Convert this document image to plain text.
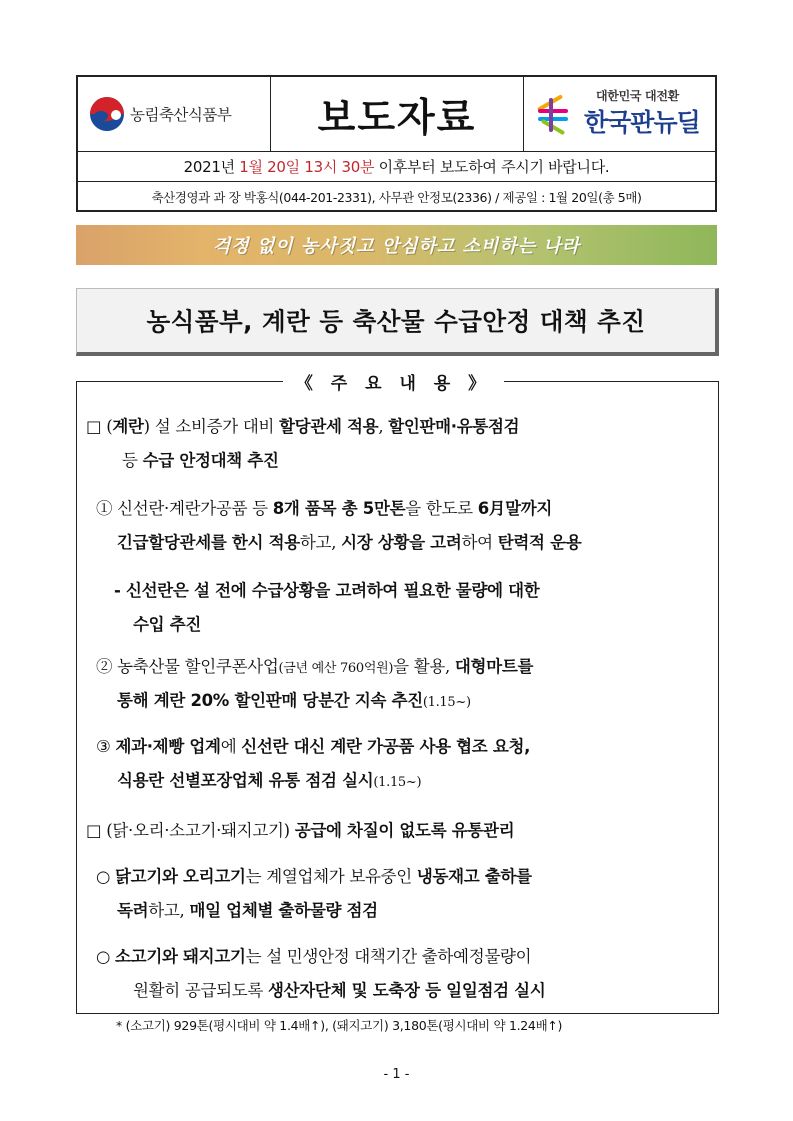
농림축산식품부	보도자료	대한민국 대전환
한국판뉴딜
2021년 1월 20일 13시 30분 이후부터 보도하여 주시기 바랍니다.
축산경영과 과 장 박홍식(044-201-2331), 사무관 안정모(2336) / 제공일 : 1월 20일(총 5매)
걱정 없이 농사짓고 안심하고 소비하는 나라
농식품부, 계란 등 축산물 수급안정 대책 추진
《 주 요 내 용 》
□ (계란) 설 소비증가 대비 할당관세 적용, 할인판매·유통점검
등 수급 안정대책 추진
① 신선란·계란가공품 등 8개 품목 총 5만톤을 한도로 6月말까지
긴급할당관세를 한시 적용하고, 시장 상황을 고려하여 탄력적 운용
- 신선란은 설 전에 수급상황을 고려하여 필요한 물량에 대한
수입 추진
② 농축산물 할인쿠폰사업(금년 예산 760억원)을 활용, 대형마트를
통해 계란 20% 할인판매 당분간 지속 추진(1.15~)
③ 제과·제빵 업계에 신선란 대신 계란 가공품 사용 협조 요청,
식용란 선별포장업체 유통 점검 실시(1.15~)
□ (닭·오리·소고기·돼지고기) 공급에 차질이 없도록 유통관리
○ 닭고기와 오리고기는 계열업체가 보유중인 냉동재고 출하를
독려하고, 매일 업체별 출하물량 점검
○ 소고기와 돼지고기는 설 민생안정 대책기간 출하예정물량이
원활히 공급되도록 생산자단체 및 도축장 등 일일점검 실시
* (소고기) 929톤(평시대비 약 1.4배↑), (돼지고기) 3,180톤(평시대비 약 1.24배↑)
- 1 -
